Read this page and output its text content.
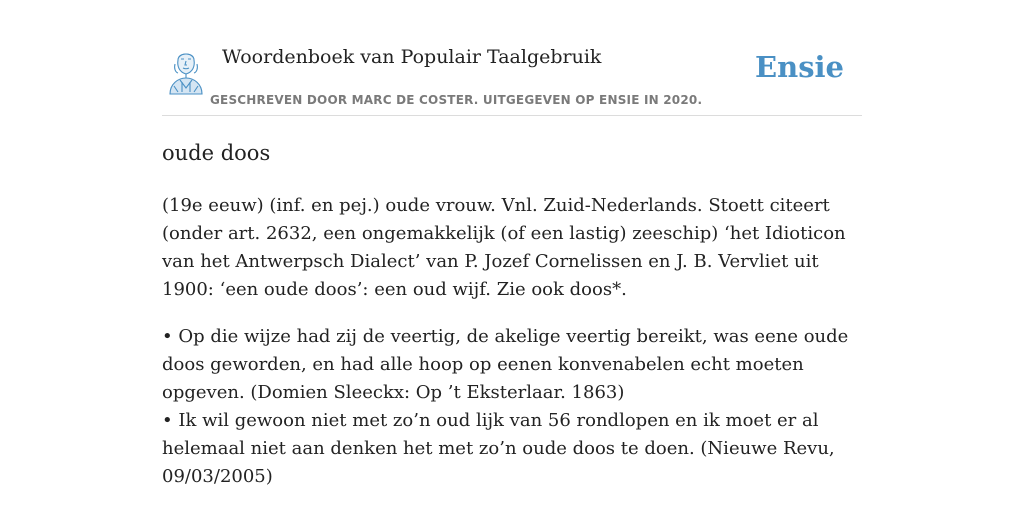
Woordenboek van Populair Taalgebruik
GESCHREVEN DOOR MARC DE COSTER. UITGEGEVEN OP ENSIE IN 2020.
Ensie
oude doos

(19e eeuw) (inf. en pej.) oude vrouw. Vnl. Zuid-Nederlands. Stoett citeert (onder art. 2632, een ongemakkelijk (of een lastig) zeeschip) ‘het Idioticon van het Antwerpsch Dialect’ van P. Jozef Cornelissen en J. B. Vervliet uit 1900: ‘een oude doos’: een oud wijf. Zie ook doos*.

• Op die wijze had zij de veertig, de akelige veertig bereikt, was eene oude doos geworden, en had alle hoop op eenen konvenabelen echt moeten opgeven. (Domien Sleeckx: Op ’t Eksterlaar. 1863)

• Ik wil gewoon niet met zo’n oud lijk van 56 rondlopen en ik moet er al helemaal niet aan denken het met zo’n oude doos te doen. (Nieuwe Revu, 09/03/2005)
